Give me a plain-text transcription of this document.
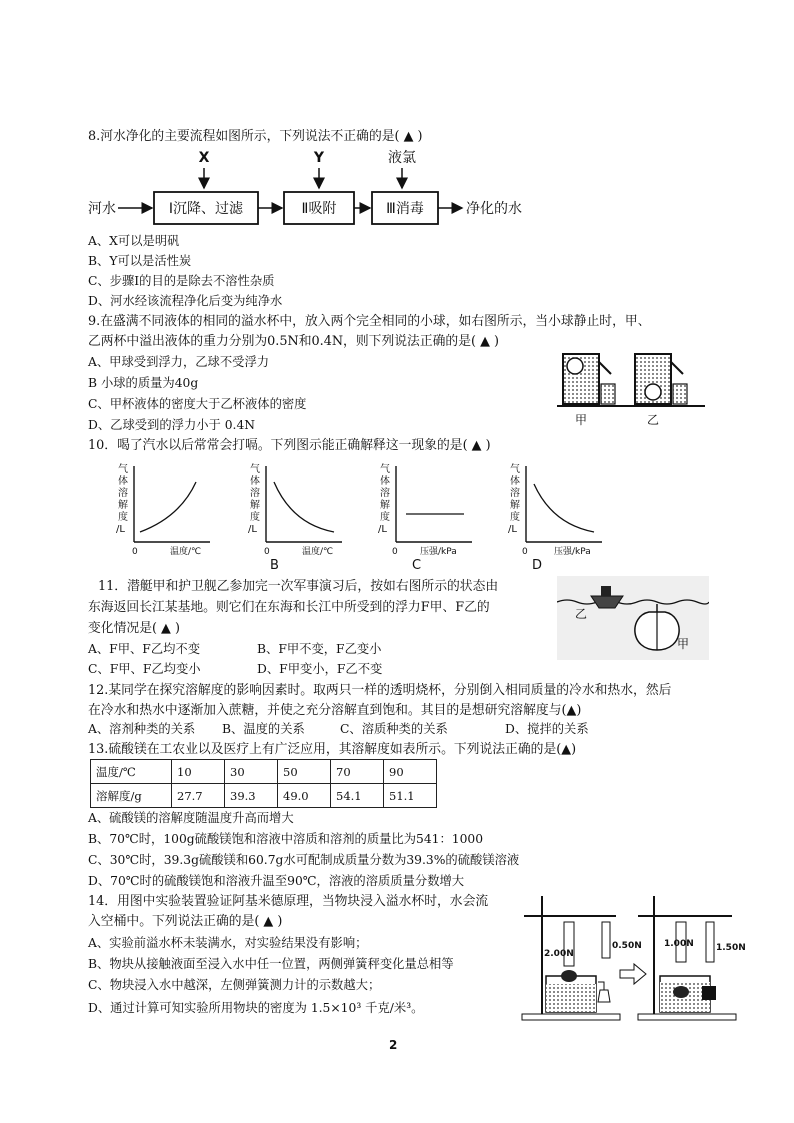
8.河水净化的主要流程如图所示，下列说法不正确的是( ▲ )
X	Y	液氯
河水	Ⅰ沉降、过滤	Ⅱ吸附	Ⅲ消毒	净化的水
A、X可以是明矾
B、Y可以是活性炭
C、步骤Ⅰ的目的是除去不溶性杂质
D、河水经该流程净化后变为纯净水
9.在盛满不同液体的相同的溢水杯中，放入两个完全相同的小球，如右图所示，当小球静止时，甲、
乙两杯中溢出液体的重力分别为0.5N和0.4N，则下列说法正确的是( ▲ )
A、甲球受到浮力，乙球不受浮力
B 小球的质量为40g
C、甲杯液体的密度大于乙杯液体的密度
D、乙球受到的浮力小于 0.4N	甲	乙
10．喝了汽水以后常常会打嗝。下列图示能正确解释这一现象的是( ▲ )
气
体
溶
解
度
/L
0	温度/℃
气
体
溶
解
度
/L
0	温度/℃
B
气
体
溶
解
度
/L
0 压强/kPa
C
气
体
溶
解
度
/L
0	压强/kPa
D
11．潜艇甲和护卫舰乙参加完一次军事演习后，按如右图所示的状态由
东海返回长江某基地。则它们在东海和长江中所受到的浮力F甲、F乙的
变化情况是( ▲ )
A、F甲、F乙均不变	B、F甲不变，F乙变小
C、F甲、F乙均变小	D、F甲变小，F乙不变
乙
甲
12.某同学在探究溶解度的影响因素时。取两只一样的透明烧杯，分别倒入相同质量的冷水和热水，然后
在冷水和热水中逐渐加入蔗糖，并使之充分溶解直到饱和。其目的是想研究溶解度与(▲)
A、溶剂种类的关系 B、温度的关系	C、溶质种类的关系	D、搅拌的关系
13.硫酸镁在工农业以及医疗上有广泛应用，其溶解度如表所示。下列说法正确的是(▲)
温度/℃	10	30	50	70	90
溶解度/g	27.7	39.3	49.0	54.1	51.1
A、硫酸镁的溶解度随温度升高而增大
B、70℃时，100g硫酸镁饱和溶液中溶质和溶剂的质量比为541：1000
C、30℃时，39.3g硫酸镁和60.7g水可配制成质量分数为39.3%的硫酸镁溶液
D、70℃时的硫酸镁饱和溶液升温至90℃，溶液的溶质质量分数增大
14．用图中实验装置验证阿基米德原理，当物块浸入溢水杯时，水会流
入空桶中。下列说法正确的是( ▲ )
A、实验前溢水杯未装满水，对实验结果没有影响；
B、物块从接触液面至浸入水中任一位置，两侧弹簧秤变化量总相等
C、物块浸入水中越深，左侧弹簧测力计的示数越大；
D、通过计算可知实验所用物块的密度为 1.5×10³ 千克/米³。
2.00N
0.50N 1.00N 1.50N
2
